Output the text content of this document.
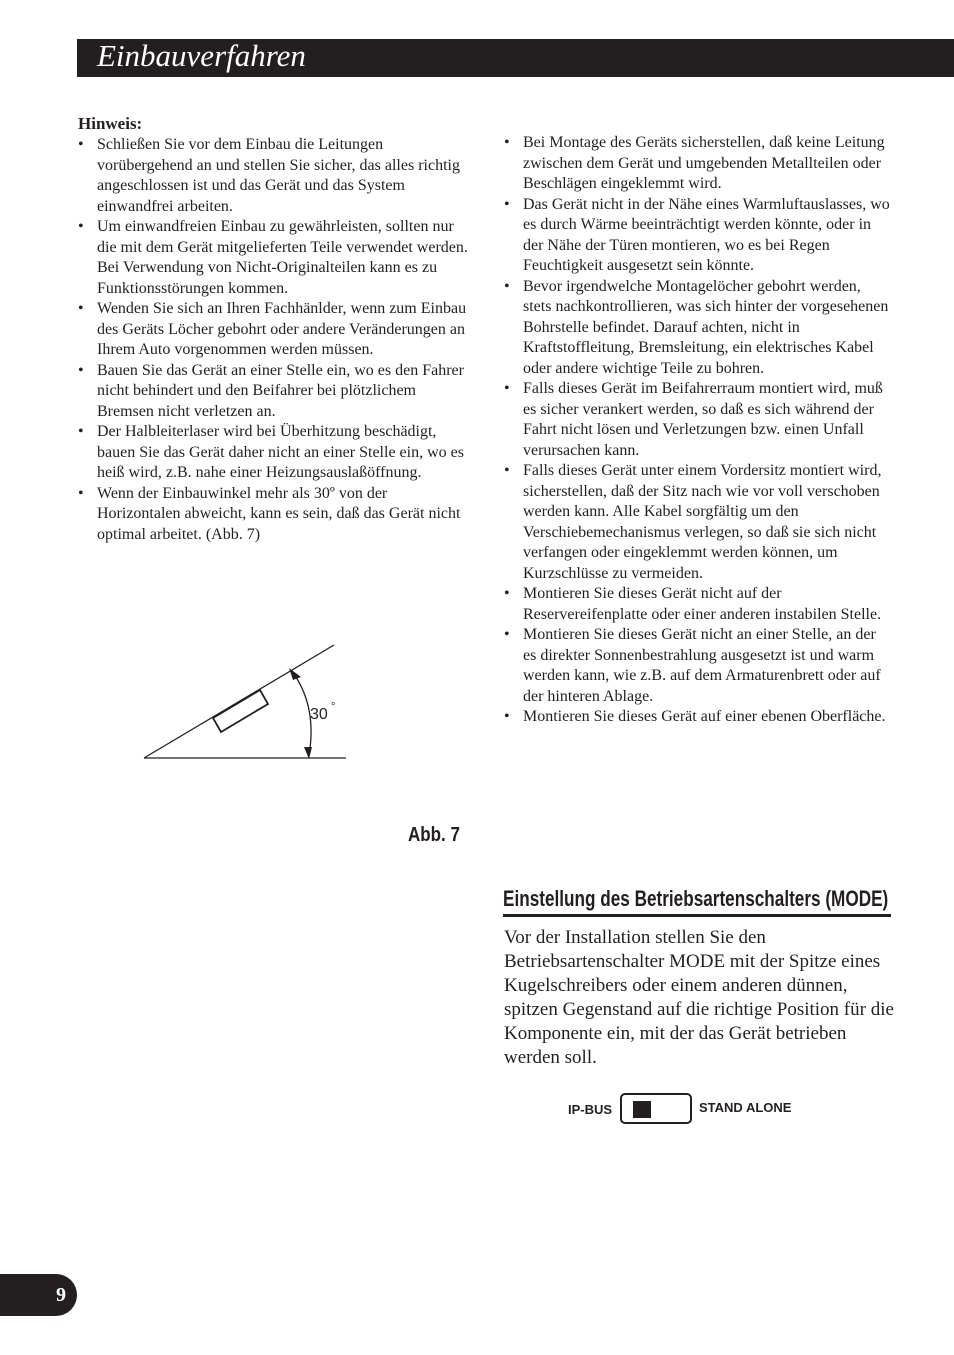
Einbauverfahren
Hinweis:
• Schließen Sie vor dem Einbau die Leitungen vorübergehend an und stellen Sie sicher, das alles richtig angeschlossen ist und das Gerät und das System einwandfrei arbeiten.
• Um einwandfreien Einbau zu gewährleisten, sollten nur die mit dem Gerät mitgelieferten Teile verwendet werden. Bei Verwendung von Nicht-Originalteilen kann es zu Funktionsstörungen kommen.
• Wenden Sie sich an Ihren Fachhänlder, wenn zum Einbau des Geräts Löcher gebohrt oder andere Veränderungen an Ihrem Auto vorgenommen werden müssen.
• Bauen Sie das Gerät an einer Stelle ein, wo es den Fahrer nicht behindert und den Beifahrer bei plötzlichem Bremsen nicht verletzen an.
• Der Halbleiterlaser wird bei Überhitzung beschädigt, bauen Sie das Gerät daher nicht an einer Stelle ein, wo es heiß wird, z.B. nahe einer Heizungsauslaßöffnung.
• Wenn der Einbauwinkel mehr als 30º von der Horizontalen abweicht, kann es sein, daß das Gerät nicht optimal arbeitet. (Abb. 7)
30 °
Abb. 7
• Bei Montage des Geräts sicherstellen, daß keine Leitung zwischen dem Gerät und umgebenden Metallteilen oder Beschlägen eingeklemmt wird.
• Das Gerät nicht in der Nähe eines Warmluftauslasses, wo es durch Wärme beeinträchtigt werden könnte, oder in der Nähe der Türen montieren, wo es bei Regen Feuchtigkeit ausgesetzt sein könnte.
• Bevor irgendwelche Montagelöcher gebohrt werden, stets nachkontrollieren, was sich hinter der vorgesehenen Bohrstelle befindet. Darauf achten, nicht in Kraftstoffleitung, Bremsleitung, ein elektrisches Kabel oder andere wichtige Teile zu bohren.
• Falls dieses Gerät im Beifahrerraum montiert wird, muß es sicher verankert werden, so daß es sich während der Fahrt nicht lösen und Verletzungen bzw. einen Unfall verursachen kann.
• Falls dieses Gerät unter einem Vordersitz montiert wird, sicherstellen, daß der Sitz nach wie vor voll verschoben werden kann. Alle Kabel sorgfältig um den Verschiebemechanismus verlegen, so daß sie sich nicht verfangen oder eingeklemmt werden können, um Kurzschlüsse zu vermeiden.
• Montieren Sie dieses Gerät nicht auf der Reservereifenplatte oder einer anderen instabilen Stelle.
• Montieren Sie dieses Gerät nicht an einer Stelle, an der es direkter Sonnenbestrahlung ausgesetzt ist und warm werden kann, wie z.B. auf dem Armaturenbrett oder auf der hinteren Ablage.
• Montieren Sie dieses Gerät auf einer ebenen Oberfläche.
Einstellung des Betriebsartenschalters (MODE)
Vor der Installation stellen Sie den Betriebsartenschalter MODE mit der Spitze eines Kugelschreibers oder einem anderen dünnen, spitzen Gegenstand auf die richtige Position für die Komponente ein, mit der das Gerät betrieben werden soll.
IP-BUS	STAND ALONE
9
